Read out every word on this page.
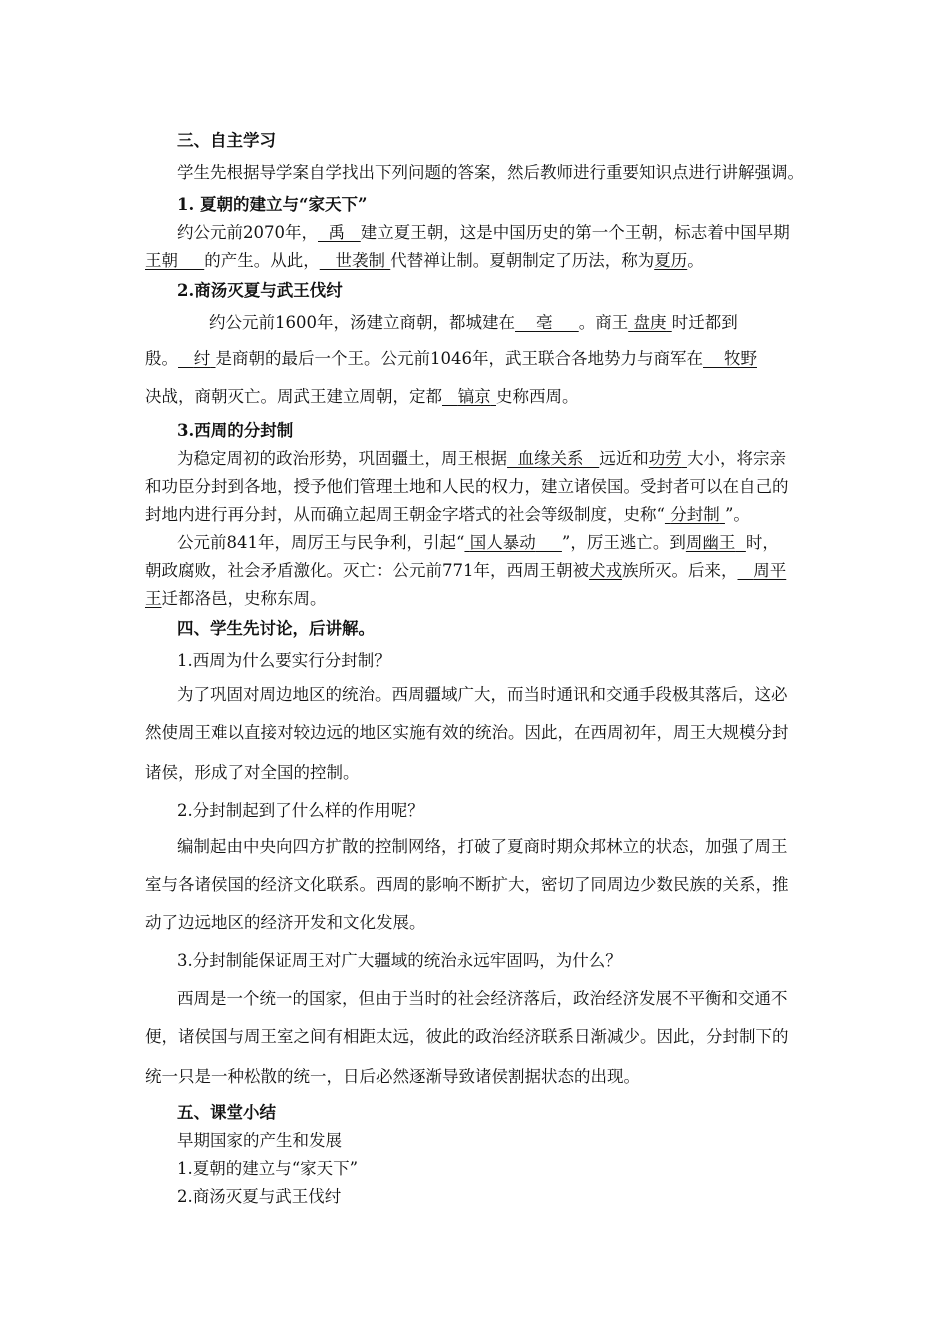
三、自主学习
学生先根据导学案自学找出下列问题的答案，然后教师进行重要知识点进行讲解强调。
1. 夏朝的建立与“家天下”
约公元前2070年， 禹 建立夏王朝，这是中国历史的第一个王朝，标志着中国早期
王朝 的产生。从此， 世袭制 代替禅让制。夏朝制定了历法，称为夏历。
2.商汤灭夏与武王伐纣
约公元前1600年，汤建立商朝，都城建在 亳 。商王 盘庚 时迁都到
殷。 纣 是商朝的最后一个王。公元前1046年，武王联合各地势力与商军在 牧野
决战，商朝灭亡。周武王建立周朝，定都 镐京 史称西周。
3.西周的分封制
为稳定周初的政治形势，巩固疆土，周王根据 血缘关系 远近和功劳 大小，将宗亲
和功臣分封到各地，授予他们管理土地和人民的权力，建立诸侯国。受封者可以在自己的
封地内进行再分封，从而确立起周王朝金字塔式的社会等级制度，史称“ 分封制 ”。
公元前841年，周厉王与民争利，引起“ 国人暴动 ”，厉王逃亡。到周幽王 时，
朝政腐败，社会矛盾激化。灭亡：公元前771年，西周王朝被犬戎族所灭。后来， 周平
王迁都洛邑，史称东周。
四、学生先讨论，后讲解。
1.西周为什么要实行分封制？
为了巩固对周边地区的统治。西周疆域广大，而当时通讯和交通手段极其落后，这必
然使周王难以直接对较边远的地区实施有效的统治。因此，在西周初年，周王大规模分封
诸侯，形成了对全国的控制。
2.分封制起到了什么样的作用呢？
编制起由中央向四方扩散的控制网络，打破了夏商时期众邦林立的状态，加强了周王
室与各诸侯国的经济文化联系。西周的影响不断扩大，密切了同周边少数民族的关系，推
动了边远地区的经济开发和文化发展。
3.分封制能保证周王对广大疆域的统治永远牢固吗，为什么？
西周是一个统一的国家，但由于当时的社会经济落后，政治经济发展不平衡和交通不
便，诸侯国与周王室之间有相距太远，彼此的政治经济联系日渐减少。因此，分封制下的
统一只是一种松散的统一，日后必然逐渐导致诸侯割据状态的出现。
五、课堂小结
早期国家的产生和发展
1.夏朝的建立与“家天下”
2.商汤灭夏与武王伐纣
